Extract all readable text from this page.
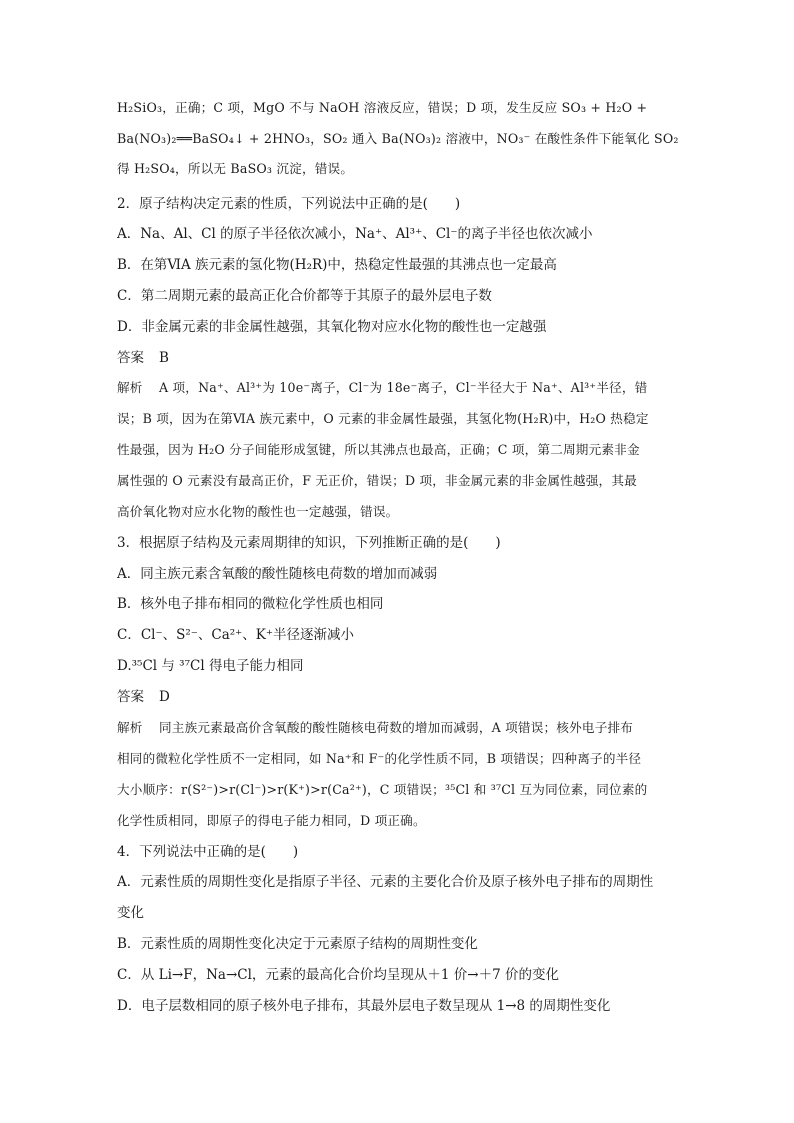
H₂SiO₃，正确；C 项，MgO 不与 NaOH 溶液反应，错误；D 项，发生反应 SO₃ + H₂O +
Ba(NO₃)₂══BaSO₄↓ + 2HNO₃，SO₂ 通入 Ba(NO₃)₂ 溶液中，NO₃⁻ 在酸性条件下能氧化 SO₂
得 H₂SO₄，所以无 BaSO₃ 沉淀，错误。
2．原子结构决定元素的性质，下列说法中正确的是(　　)
A．Na、Al、Cl 的原子半径依次减小，Na⁺、Al³⁺、Cl⁻的离子半径也依次减小
B．在第ⅥA 族元素的氢化物(H₂R)中，热稳定性最强的其沸点也一定最高
C．第二周期元素的最高正化合价都等于其原子的最外层电子数
D．非金属元素的非金属性越强，其氧化物对应水化物的酸性也一定越强
答案 B
解析 A 项，Na⁺、Al³⁺为 10e⁻离子，Cl⁻为 18e⁻离子，Cl⁻半径大于 Na⁺、Al³⁺半径，错
误；B 项，因为在第ⅥA 族元素中，O 元素的非金属性最强，其氢化物(H₂R)中，H₂O 热稳定
性最强，因为 H₂O 分子间能形成氢键，所以其沸点也最高，正确；C 项，第二周期元素非金
属性强的 O 元素没有最高正价，F 无正价，错误；D 项，非金属元素的非金属性越强，其最
高价氧化物对应水化物的酸性也一定越强，错误。
3．根据原子结构及元素周期律的知识，下列推断正确的是(　　)
A．同主族元素含氧酸的酸性随核电荷数的增加而减弱
B．核外电子排布相同的微粒化学性质也相同
C．Cl⁻、S²⁻、Ca²⁺、K⁺半径逐渐减小
D.³⁵Cl 与 ³⁷Cl 得电子能力相同
答案 D
解析 同主族元素最高价含氧酸的酸性随核电荷数的增加而减弱，A 项错误；核外电子排布
相同的微粒化学性质不一定相同，如 Na⁺和 F⁻的化学性质不同，B 项错误；四种离子的半径
大小顺序：r(S²⁻)>r(Cl⁻)>r(K⁺)>r(Ca²⁺)，C 项错误；³⁵Cl 和 ³⁷Cl 互为同位素，同位素的
化学性质相同，即原子的得电子能力相同，D 项正确。
4．下列说法中正确的是(　　)
A．元素性质的周期性变化是指原子半径、元素的主要化合价及原子核外电子排布的周期性
变化
B．元素性质的周期性变化决定于元素原子结构的周期性变化
C．从 Li→F，Na→Cl，元素的最高化合价均呈现从＋1 价→＋7 价的变化
D．电子层数相同的原子核外电子排布，其最外层电子数呈现从 1→8 的周期性变化
